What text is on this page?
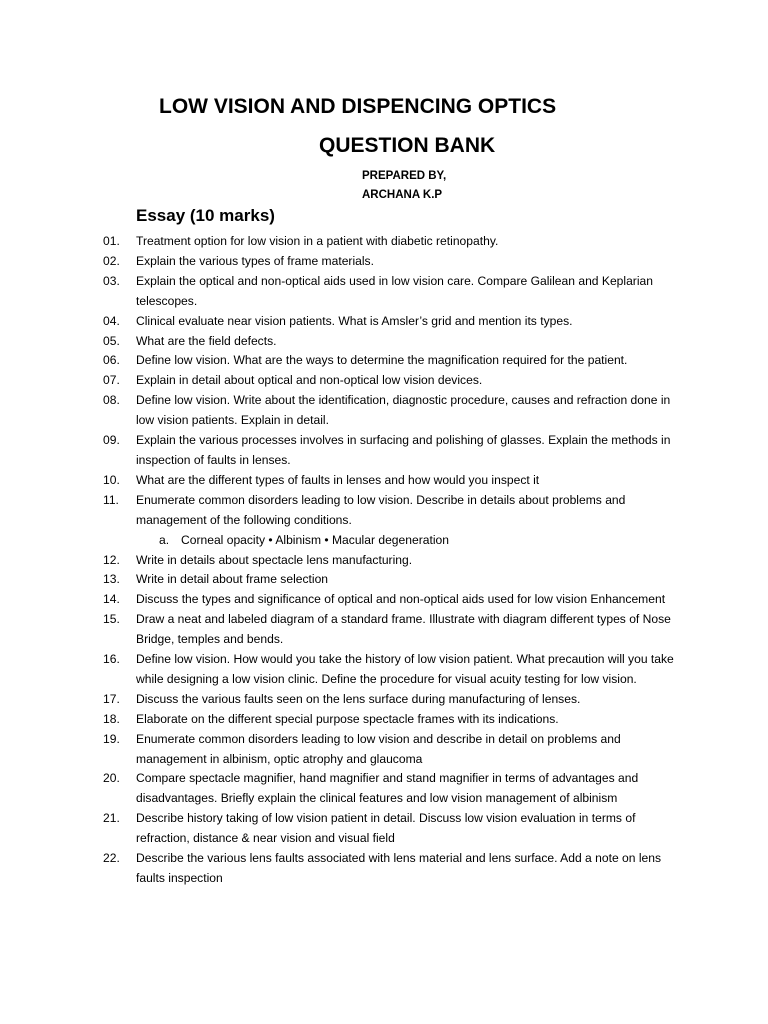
LOW VISION AND DISPENCING OPTICS
QUESTION BANK
PREPARED BY,
ARCHANA K.P
Essay (10 marks)
01. Treatment option for low vision in a patient with diabetic retinopathy.
02. Explain the various types of frame materials.
03. Explain the optical and non-optical aids used in low vision care. Compare Galilean and Keplarian telescopes.
04. Clinical evaluate near vision patients. What is Amsler’s grid and mention its types.
05. What are the field defects.
06. Define low vision. What are the ways to determine the magnification required for the patient.
07. Explain in detail about optical and non-optical low vision devices.
08. Define low vision. Write about the identification, diagnostic procedure, causes and refraction done in low vision patients. Explain in detail.
09. Explain the various processes involves in surfacing and polishing of glasses. Explain the methods in inspection of faults in lenses.
10. What are the different types of faults in lenses and how would you inspect it
11. Enumerate common disorders leading to low vision. Describe in details about problems and management of the following conditions.
a. Corneal opacity • Albinism • Macular degeneration
12. Write in details about spectacle lens manufacturing.
13. Write in detail about frame selection
14. Discuss the types and significance of optical and non-optical aids used for low vision Enhancement
15. Draw a neat and labeled diagram of a standard frame. Illustrate with diagram different types of Nose Bridge, temples and bends.
16. Define low vision. How would you take the history of low vision patient. What precaution will you take while designing a low vision clinic. Define the procedure for visual acuity testing for low vision.
17. Discuss the various faults seen on the lens surface during manufacturing of lenses.
18. Elaborate on the different special purpose spectacle frames with its indications.
19. Enumerate common disorders leading to low vision and describe in detail on problems and management in albinism, optic atrophy and glaucoma
20. Compare spectacle magnifier, hand magnifier and stand magnifier in terms of advantages and disadvantages. Briefly explain the clinical features and low vision management of albinism
21. Describe history taking of low vision patient in detail. Discuss low vision evaluation in terms of refraction, distance & near vision and visual field
22. Describe the various lens faults associated with lens material and lens surface. Add a note on lens faults inspection
